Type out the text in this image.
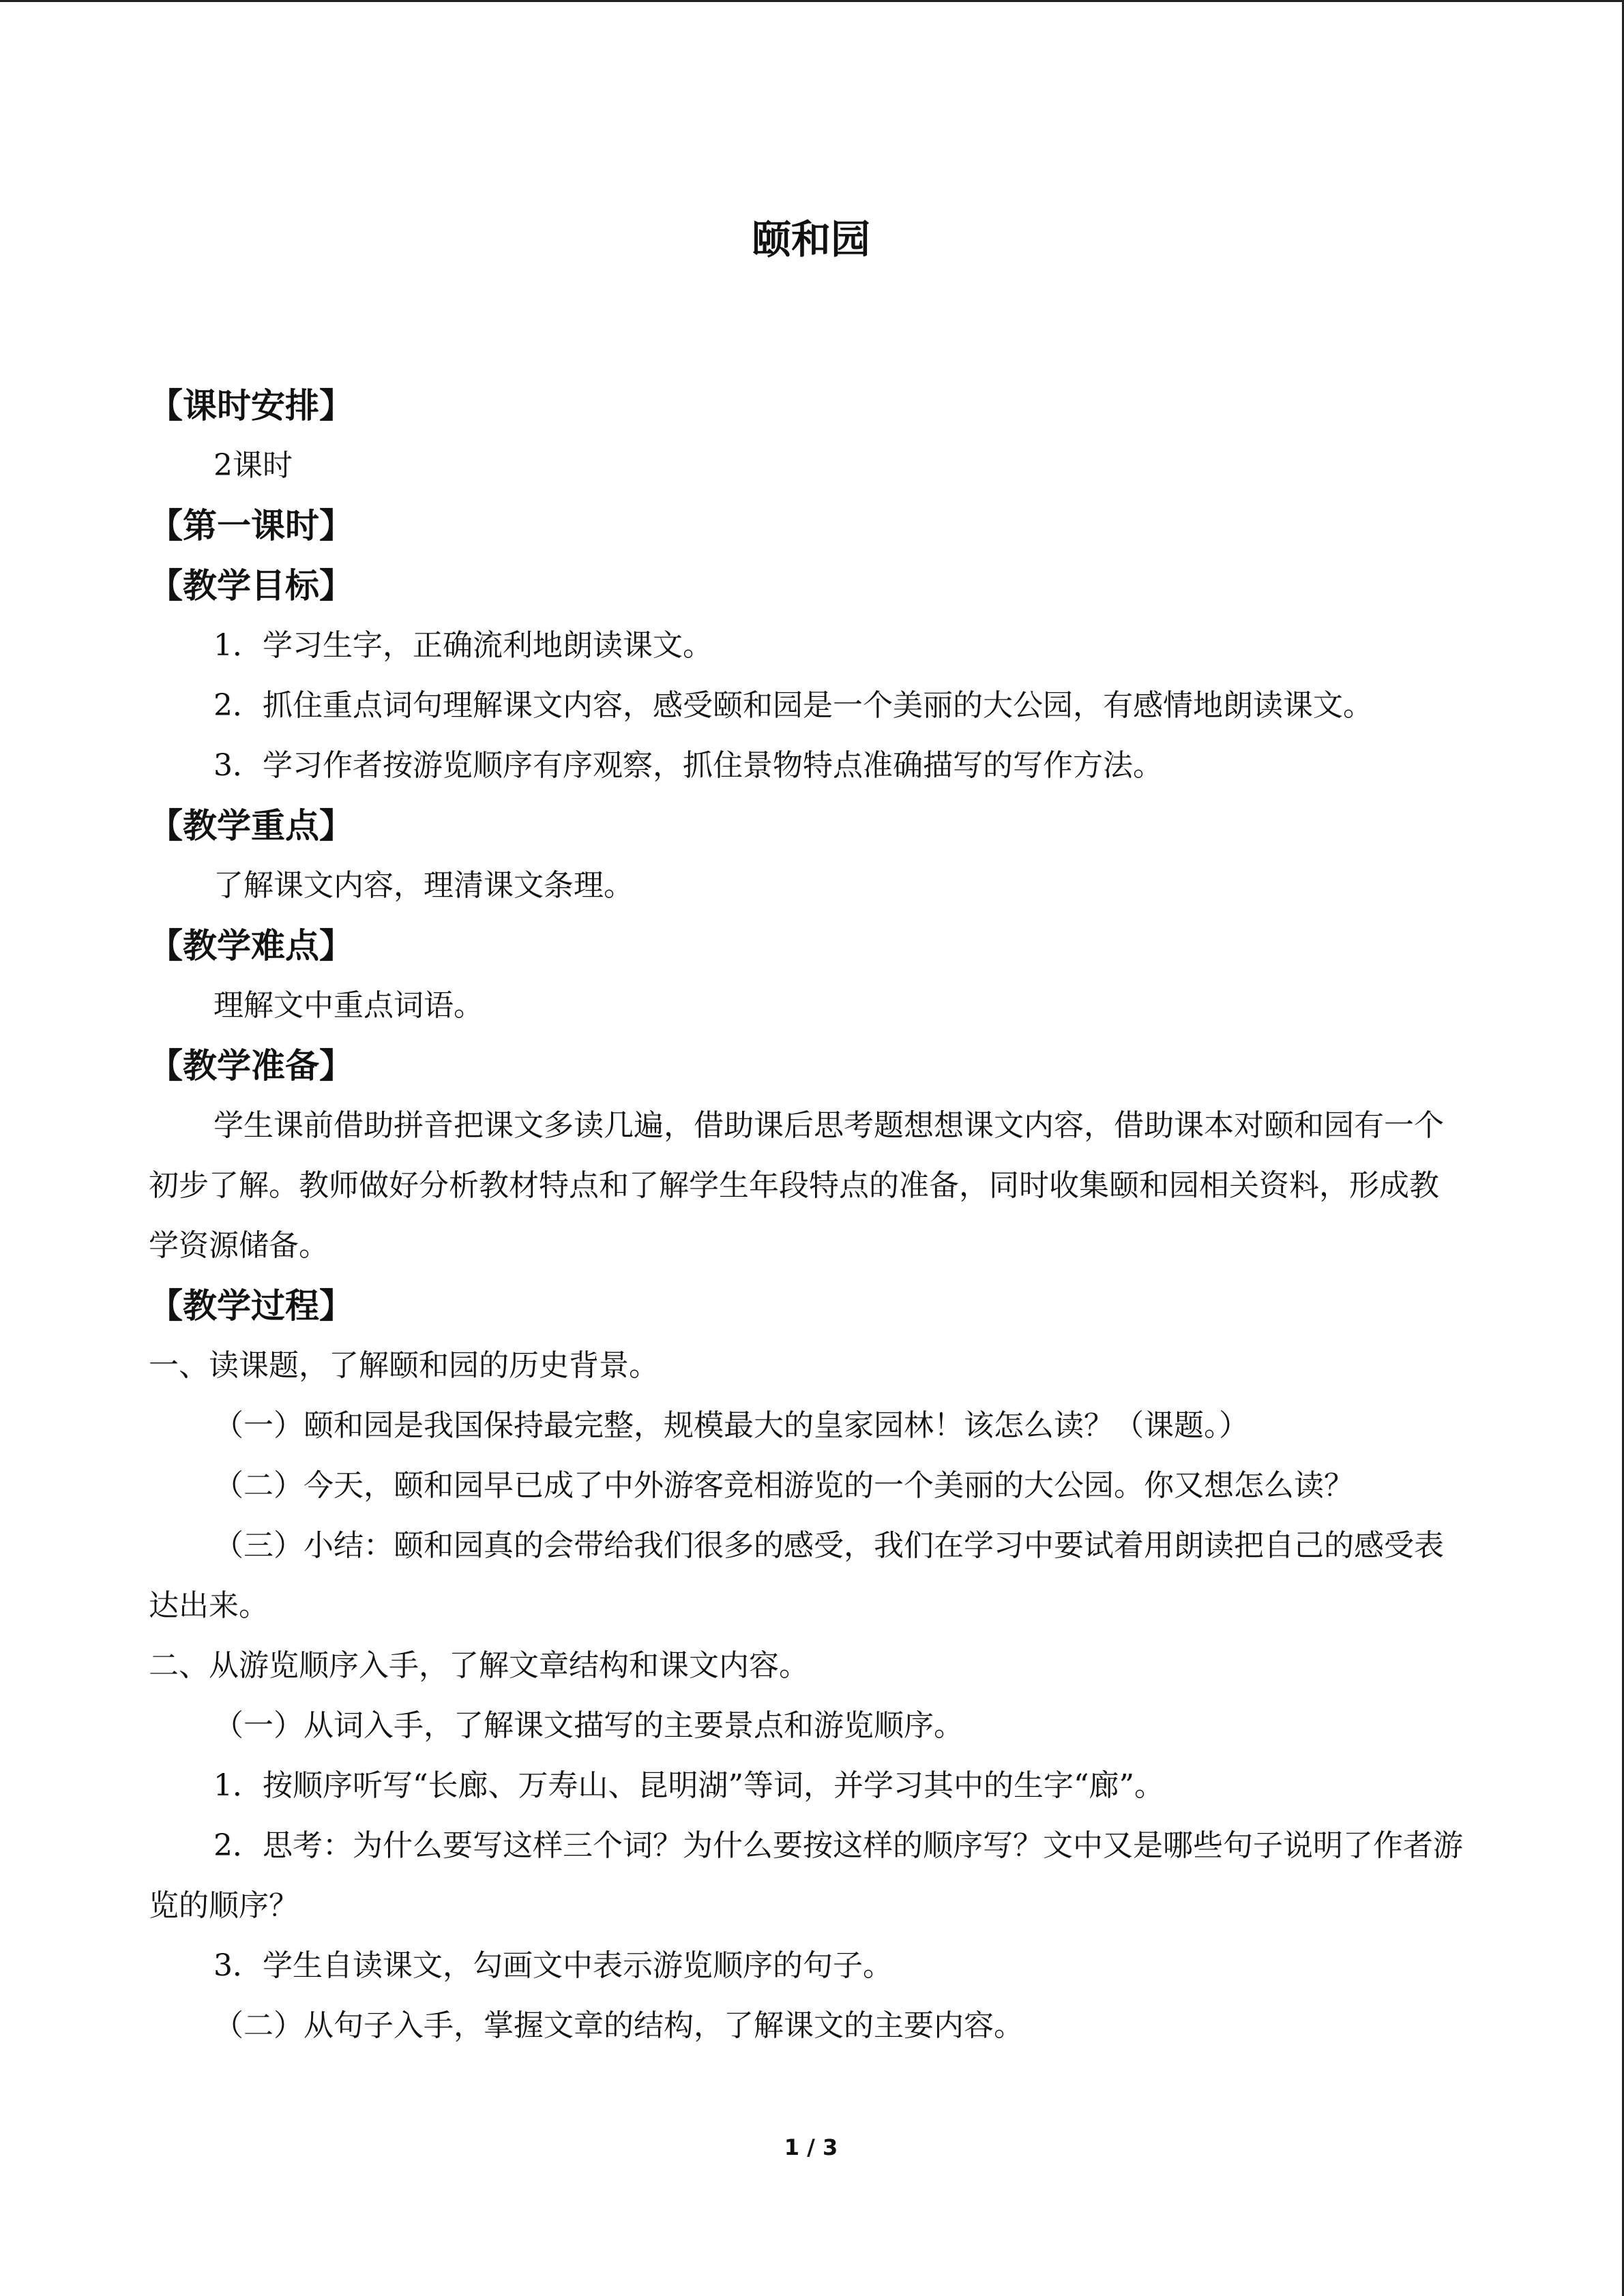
颐和园
【课时安排】
2课时
【第一课时】
【教学目标】
1．学习生字，正确流利地朗读课文。
2．抓住重点词句理解课文内容，感受颐和园是一个美丽的大公园，有感情地朗读课文。
3．学习作者按游览顺序有序观察，抓住景物特点准确描写的写作方法。
【教学重点】
了解课文内容，理清课文条理。
【教学难点】
理解文中重点词语。
【教学准备】
学生课前借助拼音把课文多读几遍，借助课后思考题想想课文内容，借助课本对颐和园有一个初步了解。教师做好分析教材特点和了解学生年段特点的准备，同时收集颐和园相关资料，形成教学资源储备。
【教学过程】
一、读课题，了解颐和园的历史背景。
（一）颐和园是我国保持最完整，规模最大的皇家园林！该怎么读？（课题。）
（二）今天，颐和园早已成了中外游客竞相游览的一个美丽的大公园。你又想怎么读？
（三）小结：颐和园真的会带给我们很多的感受，我们在学习中要试着用朗读把自己的感受表达出来。
二、从游览顺序入手，了解文章结构和课文内容。
（一）从词入手，了解课文描写的主要景点和游览顺序。
1．按顺序听写“长廊、万寿山、昆明湖”等词，并学习其中的生字“廊”。
2．思考：为什么要写这样三个词？为什么要按这样的顺序写？文中又是哪些句子说明了作者游览的顺序？
3．学生自读课文，勾画文中表示游览顺序的句子。
（二）从句子入手，掌握文章的结构，了解课文的主要内容。
1 / 3
